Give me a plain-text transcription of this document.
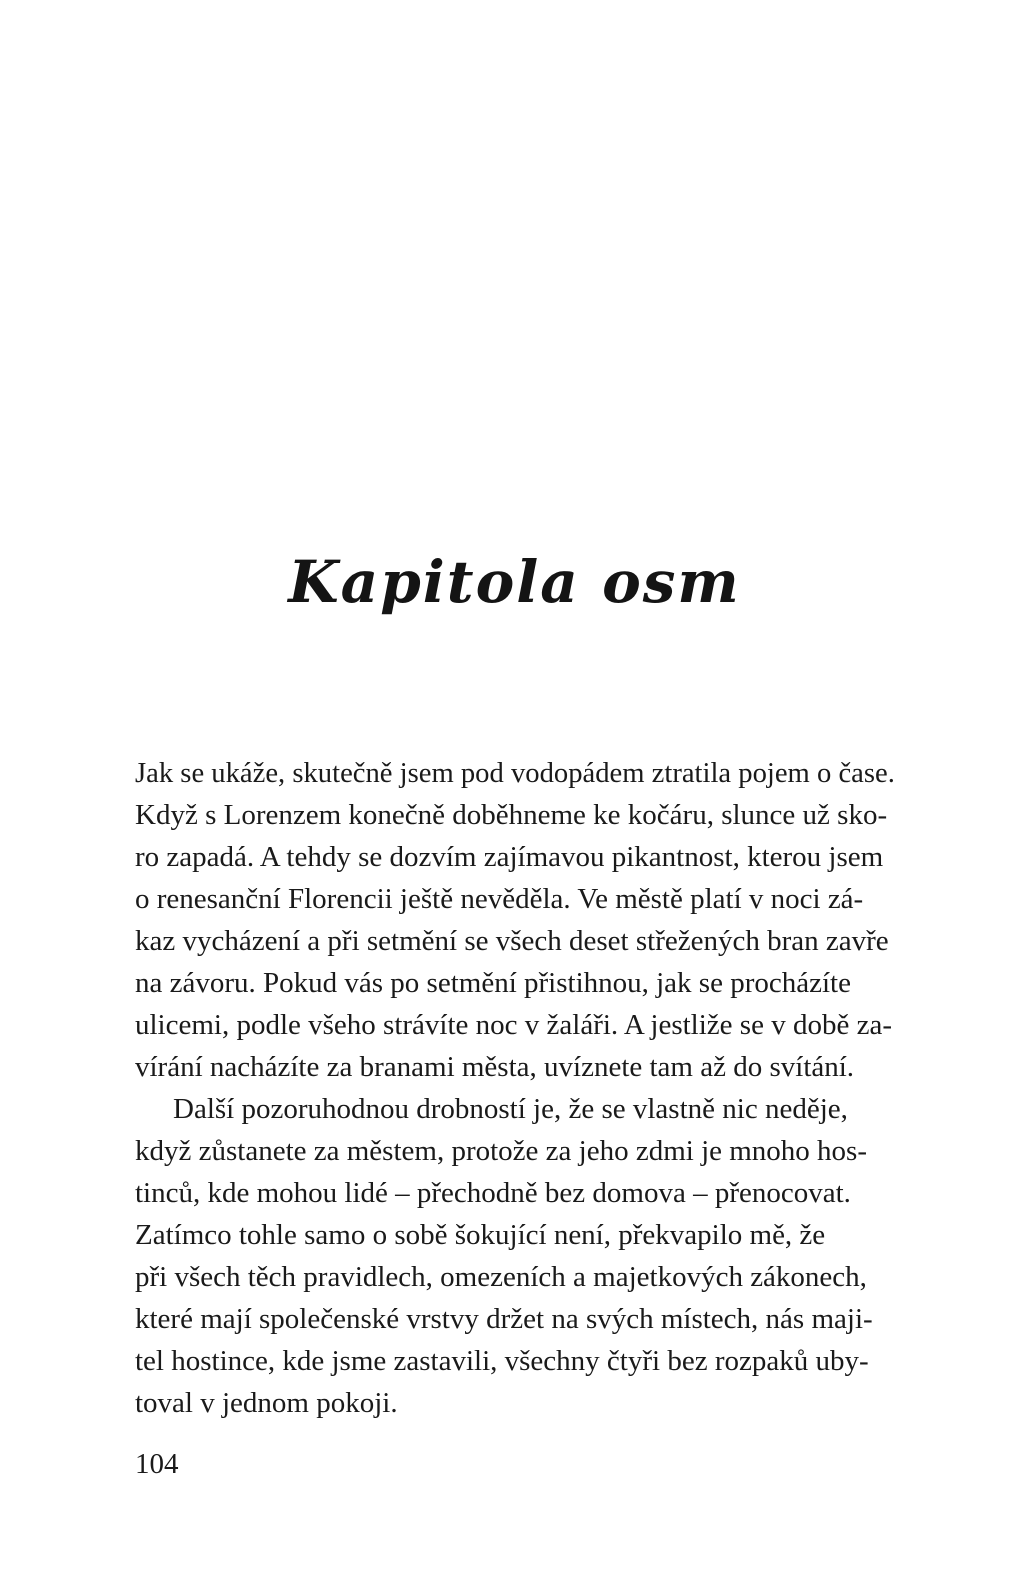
Kapitola osm
Jak se ukáže, skutečně jsem pod vodopádem ztratila pojem o čase.
Když s Lorenzem konečně doběhneme ke kočáru, slunce už sko-
ro zapadá. A tehdy se dozvím zajímavou pikantnost, kterou jsem
o renesanční Florencii ještě nevěděla. Ve městě platí v noci zá-
kaz vycházení a při setmění se všech deset střežených bran zavře
na závoru. Pokud vás po setmění přistihnou, jak se procházíte
ulicemi, podle všeho strávíte noc v žaláři. A jestliže se v době za-
vírání nacházíte za branami města, uvíznete tam až do svítání.
Další pozoruhodnou drobností je, že se vlastně nic neděje,
když zůstanete za městem, protože za jeho zdmi je mnoho hos-
tinců, kde mohou lidé – přechodně bez domova – přenocovat.
Zatímco tohle samo o sobě šokující není, překvapilo mě, že
při všech těch pravidlech, omezeních a majetkových zákonech,
které mají společenské vrstvy držet na svých místech, nás maji-
tel hostince, kde jsme zastavili, všechny čtyři bez rozpaků uby-
toval v jednom pokoji.
104
